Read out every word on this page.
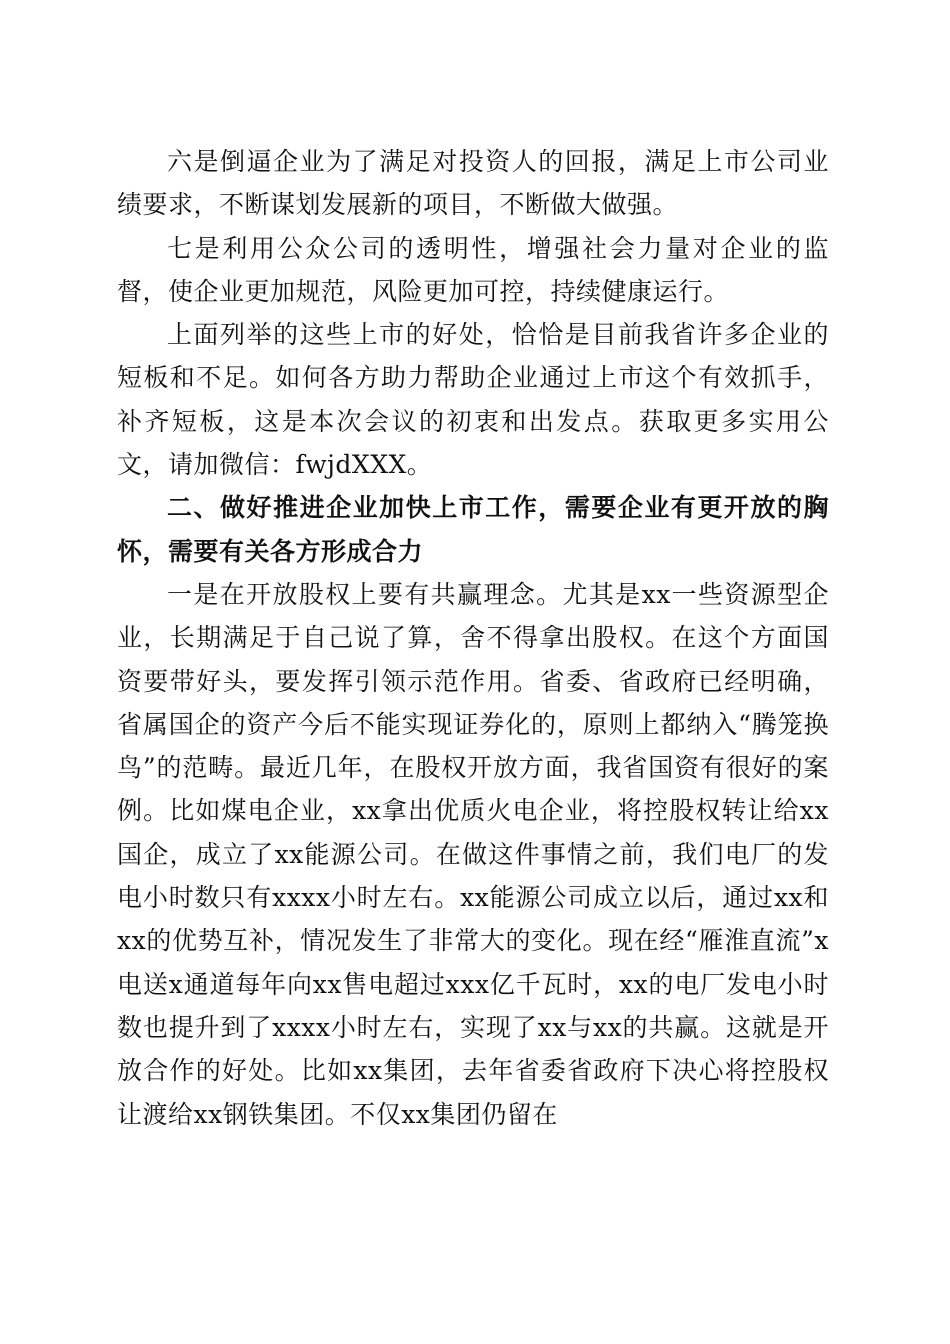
六是倒逼企业为了满足对投资人的回报，满足上市公司业绩要求，不断谋划发展新的项目，不断做大做强。

七是利用公众公司的透明性，增强社会力量对企业的监督，使企业更加规范，风险更加可控，持续健康运行。

上面列举的这些上市的好处，恰恰是目前我省许多企业的短板和不足。如何各方助力帮助企业通过上市这个有效抓手，补齐短板，这是本次会议的初衷和出发点。获取更多实用公文，请加微信：fwjdXXX。

二、做好推进企业加快上市工作，需要企业有更开放的胸怀，需要有关各方形成合力

一是在开放股权上要有共赢理念。尤其是xx一些资源型企业，长期满足于自己说了算，舍不得拿出股权。在这个方面国资要带好头，要发挥引领示范作用。省委、省政府已经明确，省属国企的资产今后不能实现证券化的，原则上都纳入“腾笼换鸟”的范畴。最近几年，在股权开放方面，我省国资有很好的案例。比如煤电企业，xx拿出优质火电企业，将控股权转让给xx国企，成立了xx能源公司。在做这件事情之前，我们电厂的发电小时数只有xxxx小时左右。xx能源公司成立以后，通过xx和xx的优势互补，情况发生了非常大的变化。现在经“雁淮直流”x电送x通道每年向xx售电超过xxx亿千瓦时，xx的电厂发电小时数也提升到了xxxx小时左右，实现了xx与xx的共赢。这就是开放合作的好处。比如xx集团，去年省委省政府下决心将控股权让渡给xx钢铁集团。不仅xx集团仍留在
